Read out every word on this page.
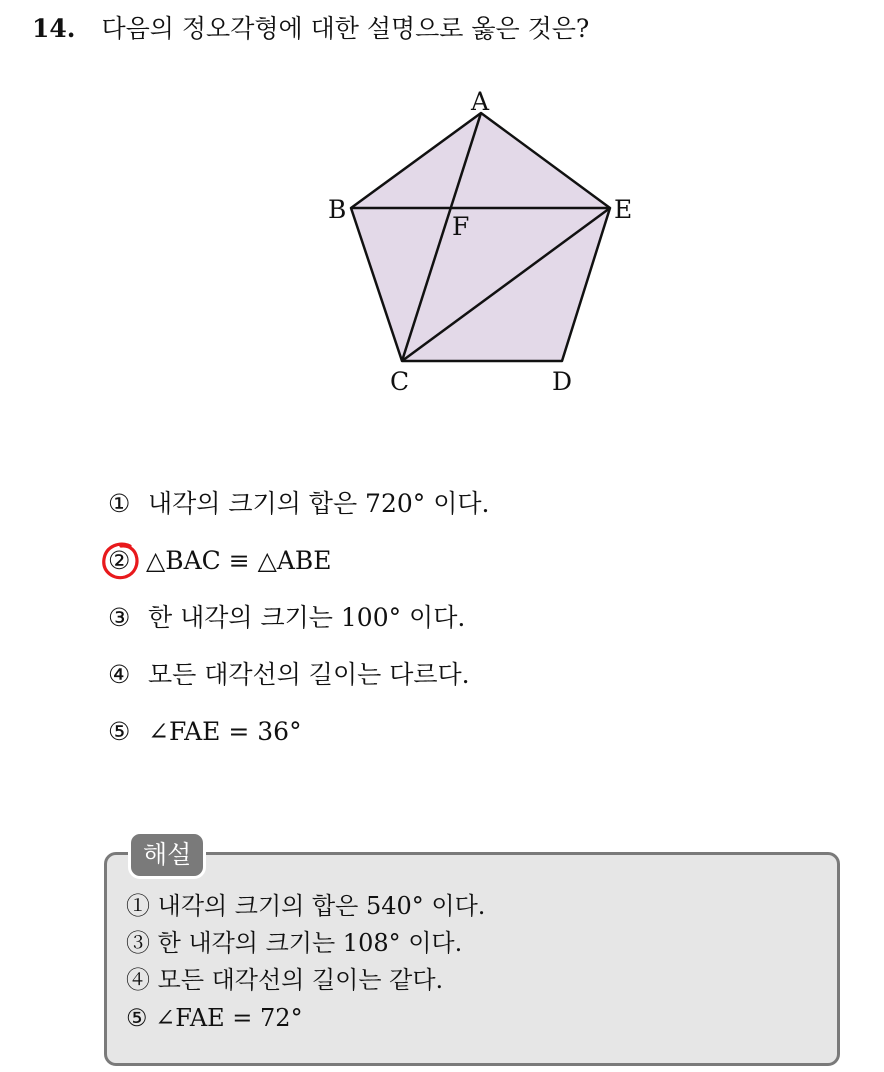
14. 다음의 정오각형에 대한 설명으로 옳은 것은?
A
B	E
F
C	D
① 내각의 크기의 합은 720° 이다.
② △BAC ≡ △ABE
③ 한 내각의 크기는 100° 이다.
④ 모든 대각선의 길이는 다르다.
⑤ ∠FAE = 36°
해설
① 내각의 크기의 합은 540° 이다.
③ 한 내각의 크기는 108° 이다.
④ 모든 대각선의 길이는 같다.
⑤ ∠FAE = 72°
